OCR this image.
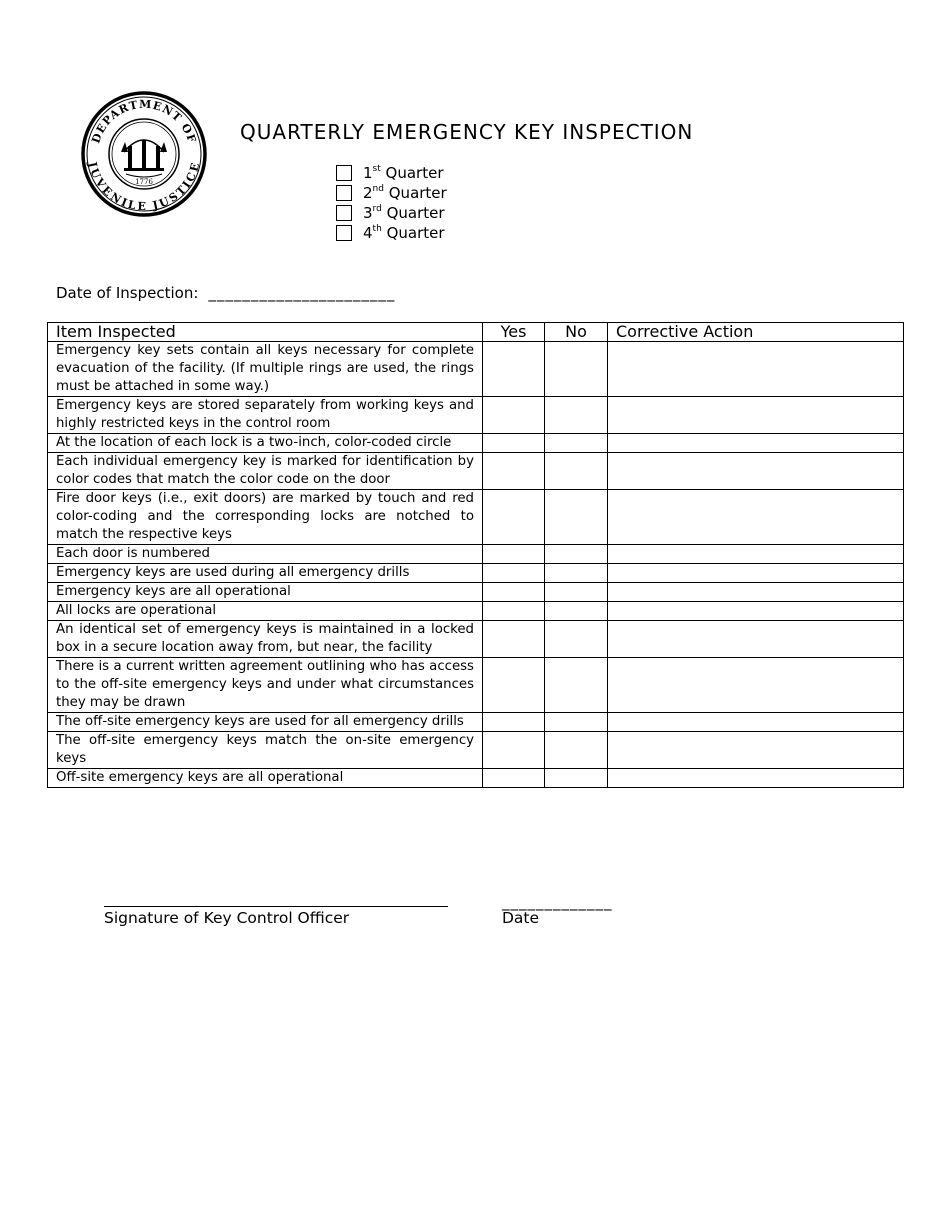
DEPARTMENT OF
JUVENILE JUSTICE
1776
QUARTERLY EMERGENCY KEY INSPECTION
1st
Quarter
2nd
Quarter
3rd
Quarter
4th
Quarter
Date of Inspection: ______________________
Item Inspected	Yes	No	Corrective Action
Emergency key sets contain all keys necessary for complete evacuation of the facility. (If multiple rings are used, the rings must be attached in some way.)			
Emergency keys are stored separately from working keys and highly restricted keys in the control room			
At the location of each lock is a two-inch, color-coded circle			
Each individual emergency key is marked for identification by color codes that match the color code on the door			
Fire door keys (i.e., exit doors) are marked by touch and red color-coding and the corresponding locks are notched to match the respective keys			
Each door is numbered			
Emergency keys are used during all emergency drills			
Emergency keys are all operational			
All locks are operational			
An identical set of emergency keys is maintained in a locked box in a secure location away from, but near, the facility			
There is a current written agreement outlining who has access to the off-site emergency keys and under what circumstances they may be drawn			
The off-site emergency keys are used for all emergency drills			
The off-site emergency keys match the on-site emergency keys			
Off-site emergency keys are all operational			
Signature of Key Control Officer
_____________
Date
